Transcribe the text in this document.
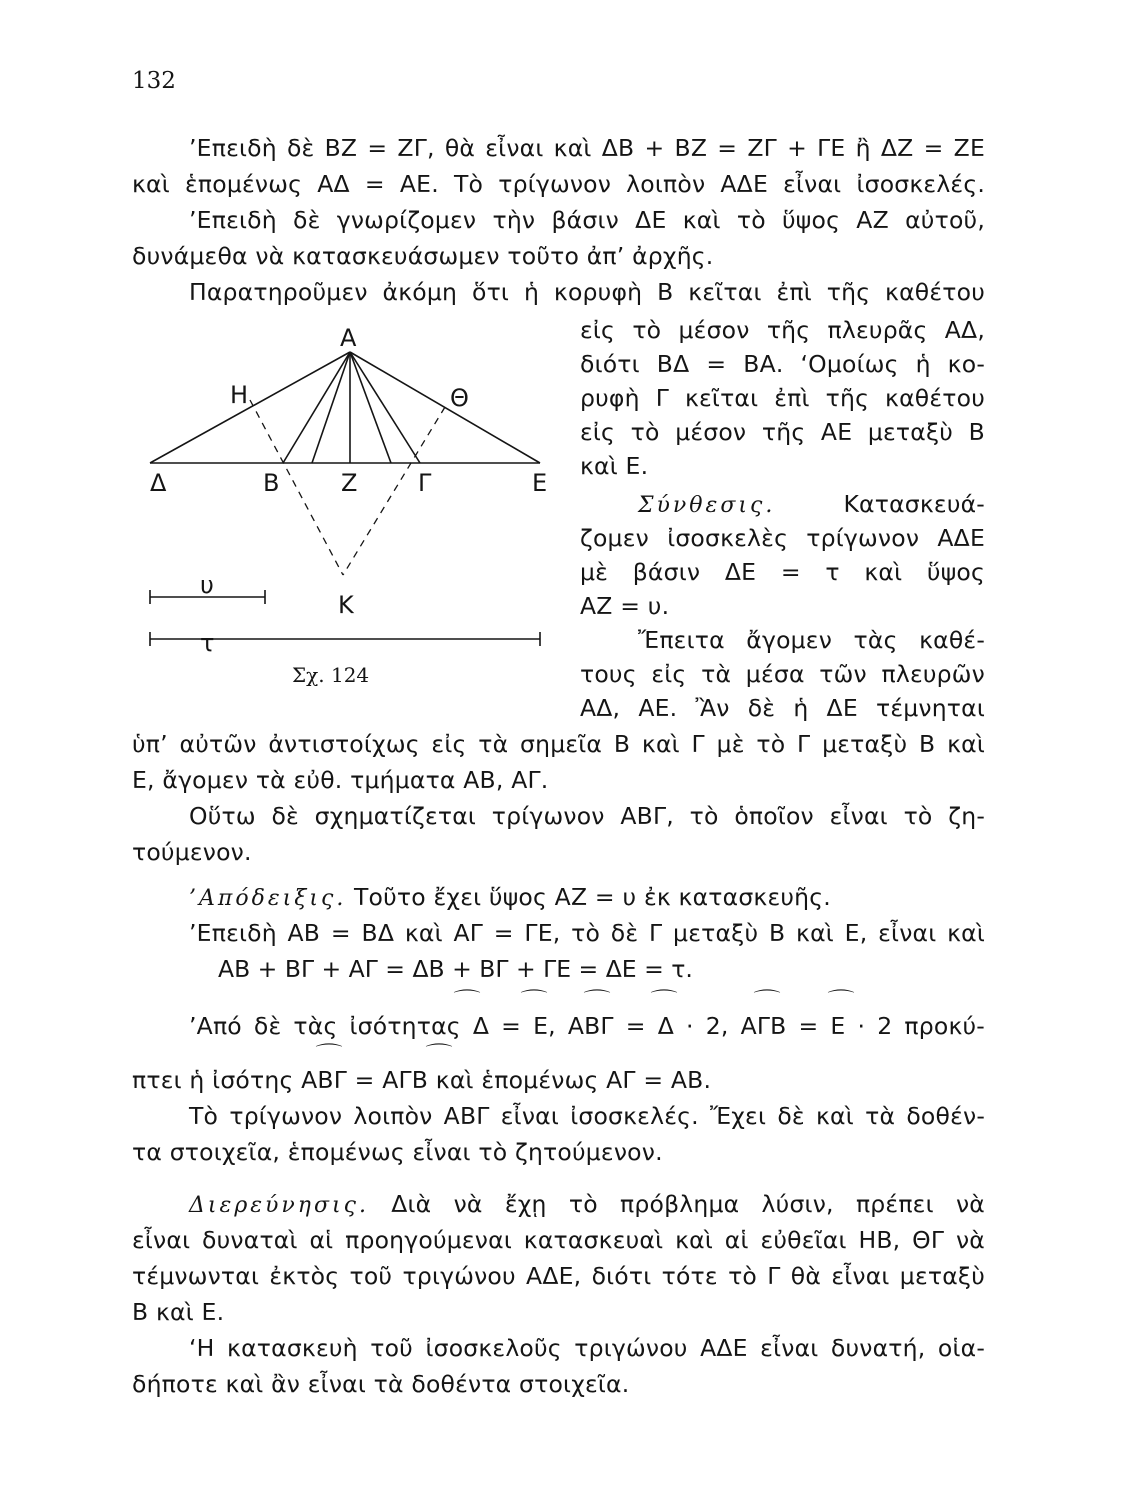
132
’Επειδὴ δὲ ΒΖ = ΖΓ, θὰ εἶναι καὶ ΔΒ + ΒΖ = ΖΓ + ΓΕ ἢ ΔΖ = ΖΕ
καὶ ἑπομένως ΑΔ = ΑΕ. Τὸ τρίγωνον λοιπὸν ΑΔΕ εἶναι ἰσοσκελές.
’Επειδὴ δὲ γνωρίζομεν τὴν βάσιν ΔΕ καὶ τὸ ὕψος ΑΖ αὐτοῦ,
δυνάμεθα νὰ κατασκευάσωμεν τοῦτο ἀπ’ ἀρχῆς.
Παρατηροῦμεν ἀκόμη ὅτι ἡ κορυφὴ Β κεῖται ἐπὶ τῆς καθέτου
εἰς τὸ μέσον τῆς πλευρᾶς ΑΔ,
διότι ΒΔ = ΒΑ. ‘Ομοίως ἡ κο-
ρυφὴ Γ κεῖται ἐπὶ τῆς καθέτου
εἰς τὸ μέσον τῆς ΑΕ μεταξὺ Β
καὶ Ε.
Σύνθεσις.	Κατασκευά-
ζομεν ἰσοσκελὲς τρίγωνον ΑΔΕ
μὲ βάσιν ΔΕ = τ καὶ ὕψος
ΑΖ = υ.
Ἔπειτα ἄγομεν τὰς καθέ-
τους εἰς τὰ μέσα τῶν πλευρῶν
ΑΔ, ΑΕ. Ἂν δὲ ἡ ΔΕ τέμνηται
Α
Η	Θ
Δ	Β	Ζ	Γ	Ε
Κ
υ
τ
Σχ. 124
ὑπ’ αὐτῶν ἀντιστοίχως εἰς τὰ σημεῖα Β καὶ Γ μὲ τὸ Γ μεταξὺ Β καὶ
Ε, ἄγομεν τὰ εὐθ. τμήματα ΑΒ, ΑΓ.
Οὕτω δὲ σχηματίζεται τρίγωνον ΑΒΓ, τὸ ὁποῖον εἶναι τὸ ζη-
τούμενον.
’Απόδειξις. Τοῦτο ἔχει ὕψος ΑΖ = υ ἐκ κατασκευῆς.
’Επειδὴ ΑΒ = ΒΔ καὶ ΑΓ = ΓΕ, τὸ δὲ Γ μεταξὺ Β καὶ Ε, εἶναι καὶ
ΑΒ + ΒΓ + ΑΓ = ΔΒ + ΒΓ + ΓΕ = ΔΕ = τ.
⌒ ⌒ ⌒ ⌒	⌒	⌒
’Από δὲ τὰς ἰσότητας Δ = Ε, ΑΒΓ = Δ · 2, ΑΓΒ = Ε · 2 προκύ-
⌒	⌒
πτει ἡ ἰσότης ΑΒΓ = ΑΓΒ καὶ ἑπομένως ΑΓ = ΑΒ.
Τὸ τρίγωνον λοιπὸν ΑΒΓ εἶναι ἰσοσκελές. Ἔχει δὲ καὶ τὰ δοθέν-
τα στοιχεῖα, ἑπομένως εἶναι τὸ ζητούμενον.
Διερεύνησις. Διὰ νὰ ἔχῃ τὸ πρόβλημα λύσιν, πρέπει νὰ
εἶναι δυναταὶ αἱ προηγούμεναι κατασκευαὶ καὶ αἱ εὐθεῖαι ΗΒ, ΘΓ νὰ
τέμνωνται ἐκτὸς τοῦ τριγώνου ΑΔΕ, διότι τότε τὸ Γ θὰ εἶναι μεταξὺ
Β καὶ Ε.
‘Η κατασκευὴ τοῦ ἰσοσκελοῦς τριγώνου ΑΔΕ εἶναι δυνατή, οἱα-
δήποτε καὶ ἂν εἶναι τὰ δοθέντα στοιχεῖα.
